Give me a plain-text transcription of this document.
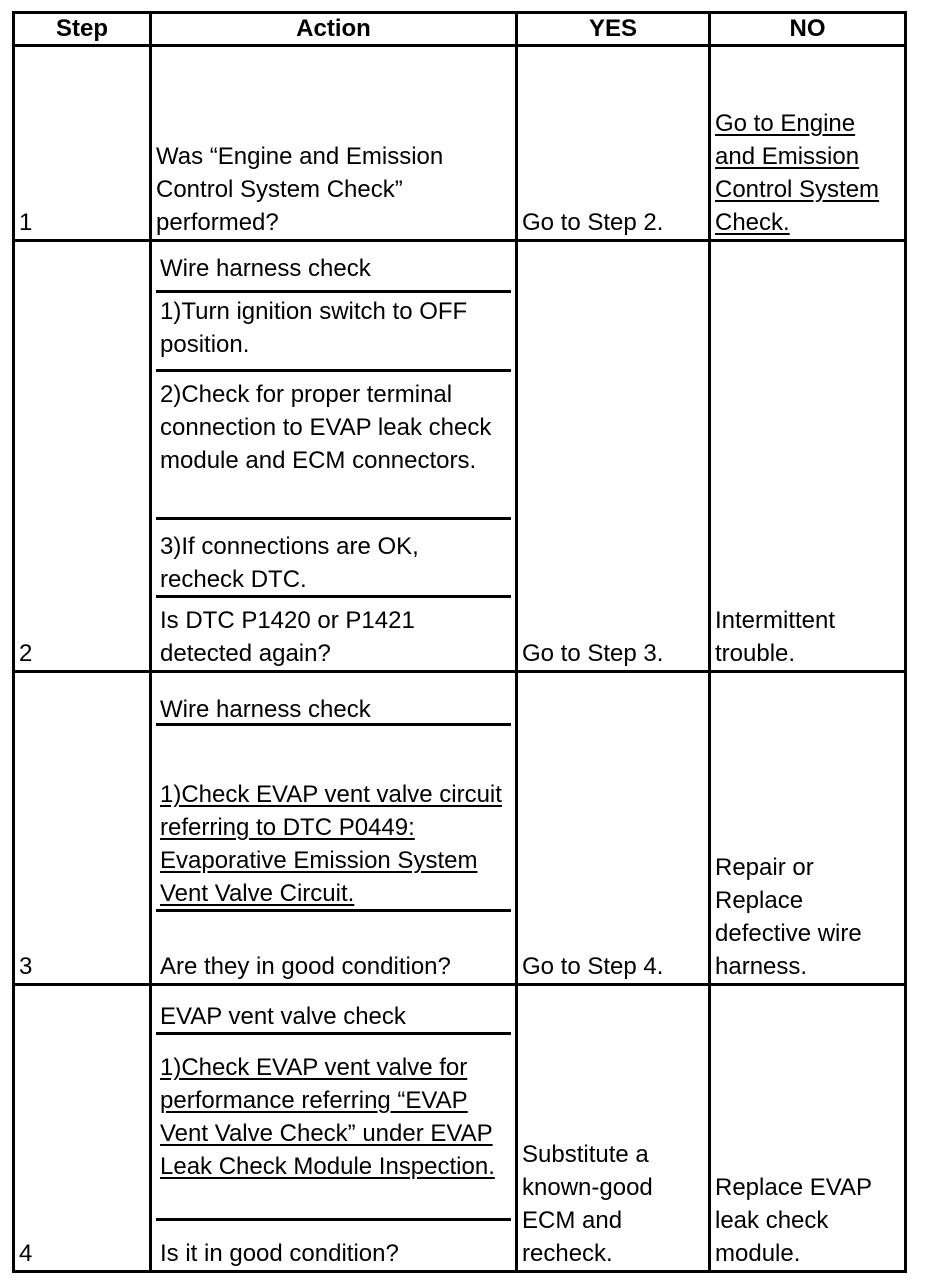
Step	Action	YES	NO
1	Was “Engine and Emission Control System Check” performed?	Go to Step 2.	Go to Engine and Emission Control System Check.
2	Wire harness check
1)Turn ignition switch to OFF position.
2)Check for proper terminal connection to EVAP leak check module and ECM connectors.
3)If connections are OK, recheck DTC.
Is DTC P1420 or P1421 detected again?	Go to Step 3.	Intermittent trouble.
3	Wire harness check
1)Check EVAP vent valve circuit referring to DTC P0449: Evaporative Emission System Vent Valve Circuit.
Are they in good condition?	Go to Step 4.	Repair or Replace defective wire harness.
4	EVAP vent valve check
1)Check EVAP vent valve for performance referring “EVAP Vent Valve Check” under EVAP Leak Check Module Inspection.
Is it in good condition?	Substitute a known-good ECM and recheck.	Replace EVAP leak check module.
